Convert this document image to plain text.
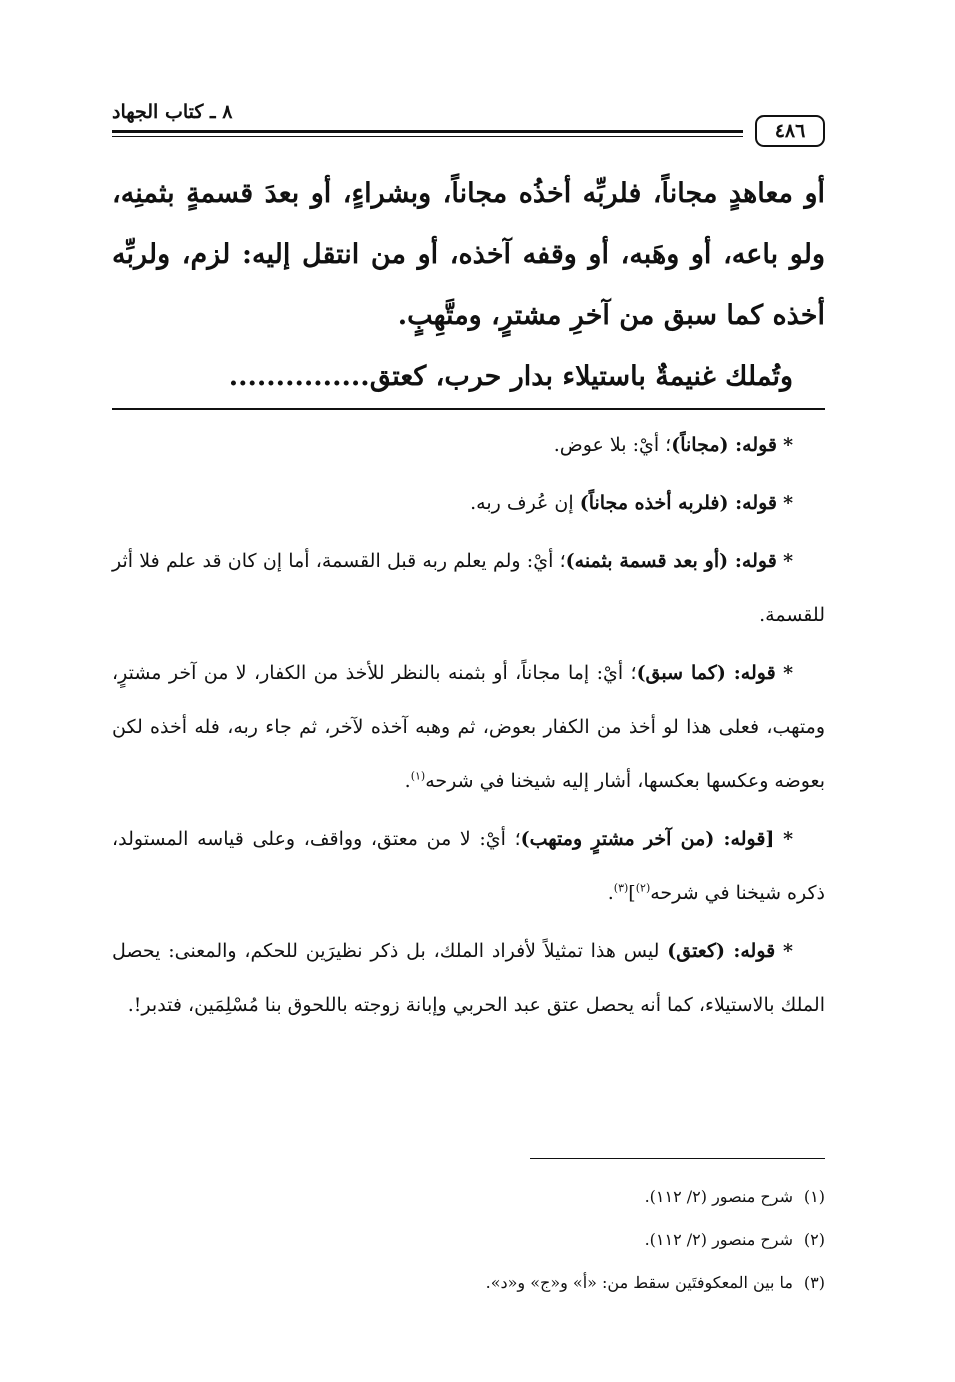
٨ ـ كتاب الجهاد
٤٨٦

أو معاهدٍ مجاناً، فلربِّه أخذُه مجاناً، وبشراءٍ، أو بعدَ قسمةٍ بثمنِه، ولو باعه، أو وهَبه، أو وقفه آخذه، أو من انتقل إليه: لزم، ولربِّه أخذه كما سبق من آخرِ مشترٍ، ومتَّهِبٍ.

وتُملك غنيمةٌ باستيلاء بدار حرب، كعتق...............

* قوله: (مجاناً)؛ أيْ: بلا عوض.

* قوله: (فلربه أخذه مجاناً) إن عُرف ربه.

* قوله: (أو بعد قسمة بثمنه)؛ أيْ: ولم يعلم ربه قبل القسمة، أما إن كان قد علم فلا أثر للقسمة.

* قوله: (كما سبق)؛ أيْ: إما مجاناً، أو بثمنه بالنظر للأخذ من الكفار، لا من آخر مشترٍ، ومتهب، فعلى هذا لو أخذ من الكفار بعوض، ثم وهبه آخذه لآخر، ثم جاء ربه، فله أخذه لكن بعوضه وعكسها بعكسها، أشار إليه شيخنا في شرحه$^{(١)}$.

* [قوله: (من آخر مشترٍ ومتهب)؛ أيْ: لا من معتق، وواقف، وعلى قياسه المستولد، ذكره شيخنا في شرحه$^{(٢)}$]$^{(٣)}$.

* قوله: (كعتق) ليس هذا تمثيلاً لأفراد الملك، بل ذكر نظيرَين للحكم، والمعنى: يحصل الملك بالاستيلاء، كما أنه يحصل عتق عبد الحربي وإبانة زوجته باللحوق بنا مُسْلِمَين، فتدبر!.

(١)شرح منصور (٢/ ١١٢).

(٢)شرح منصور (٢/ ١١٢).

(٣)ما بين المعكوفتَين سقط من: «أ» و«ج» و«د».
